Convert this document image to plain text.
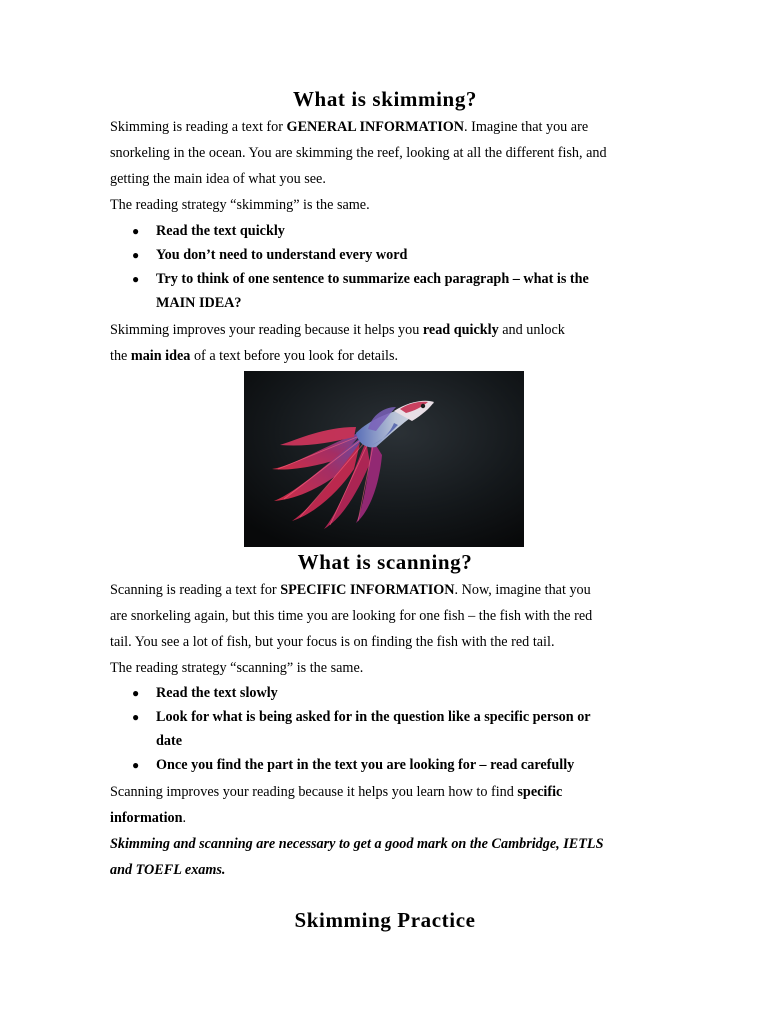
What is skimming?

Skimming is reading a text for GENERAL INFORMATION. Imagine that you are

snorkeling in the ocean. You are skimming the reef, looking at all the different fish, and

getting the main idea of what you see.

The reading strategy “skimming” is the same.

● Read the text quickly
● You don’t need to understand every word
● Try to think of one sentence to summarize each paragraph – what is the
MAIN IDEA?

Skimming improves your reading because it helps you read quickly and unlock

the main idea of a text before you look for details.

What is scanning?

Scanning is reading a text for SPECIFIC INFORMATION. Now, imagine that you

are snorkeling again, but this time you are looking for one fish – the fish with the red

tail. You see a lot of fish, but your focus is on finding the fish with the red tail.

The reading strategy “scanning” is the same.

● Read the text slowly
● Look for what is being asked for in the question like a specific person or
date
● Once you find the part in the text you are looking for – read carefully

Scanning improves your reading because it helps you learn how to find specific

information.

Skimming and scanning are necessary to get a good mark on the Cambridge, IETLS

and TOEFL exams.

Skimming Practice
